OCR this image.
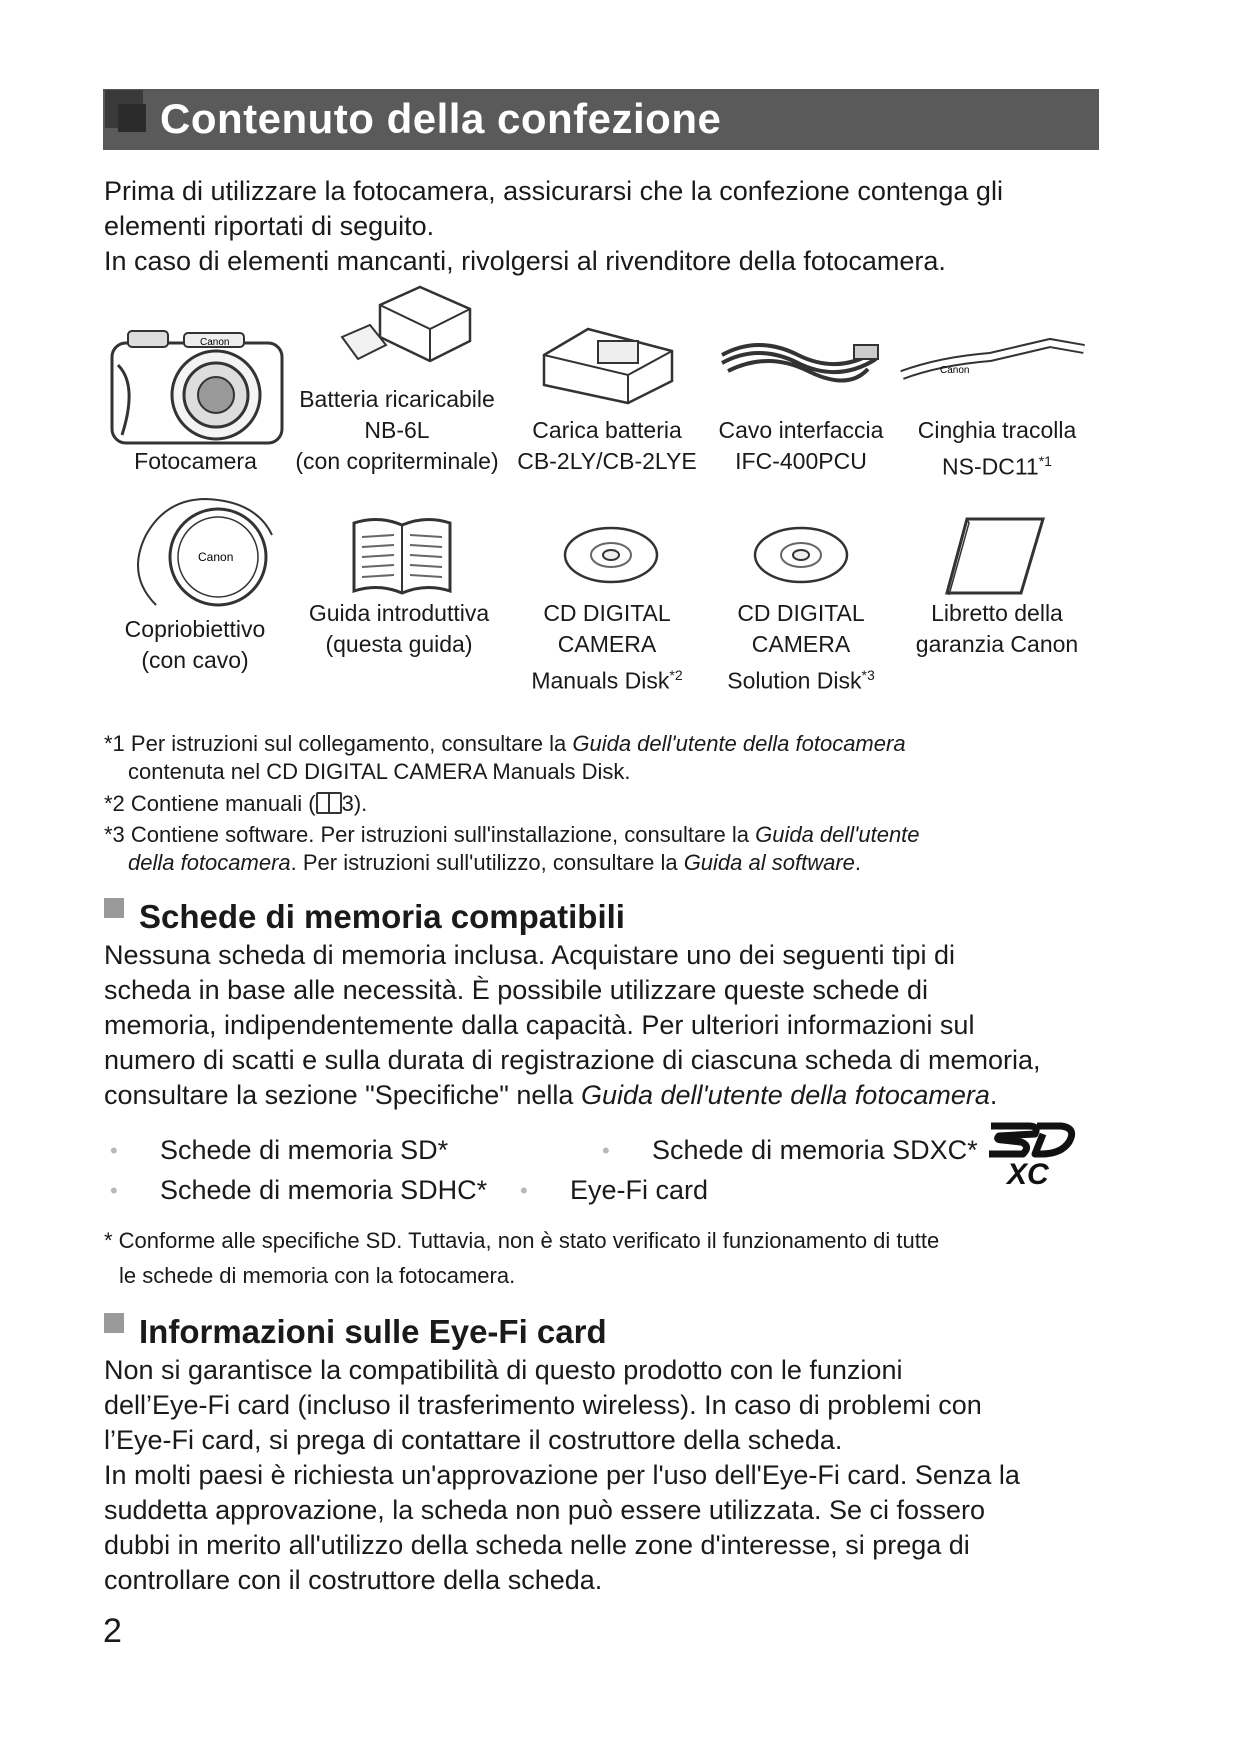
Contenuto della confezione
Prima di utilizzare la fotocamera, assicurarsi che la confezione contenga gli
elementi riportati di seguito.
In caso di elementi mancanti, rivolgersi al rivenditore della fotocamera.
Canon
Canon
Fotocamera
Batteria ricaricabile
NB-6L
(con copriterminale)
Carica batteria
CB-2LY/CB-2LYE
Cavo interfaccia
IFC-400PCU
Cinghia tracolla
NS-DC11$^{*1}$
Canon
Copriobiettivo
(con cavo)
Guida introduttiva
(questa guida)
CD DIGITAL
CAMERA
Manuals Disk$^{*2}$
CD DIGITAL
CAMERA
Solution Disk$^{*3}$
Libretto della
garanzia Canon
*1 Per istruzioni sul collegamento, consultare la Guida dell'utente della fotocamera
contenuta nel CD DIGITAL CAMERA Manuals Disk.
*2 Contiene manuali ( 3).
*3 Contiene software. Per istruzioni sull'installazione, consultare la Guida dell'utente
della fotocamera. Per istruzioni sull'utilizzo, consultare la Guida al software.
Schede di memoria compatibili
Nessuna scheda di memoria inclusa. Acquistare uno dei seguenti tipi di
scheda in base alle necessità. È possibile utilizzare queste schede di
memoria, indipendentemente dalla capacità. Per ulteriori informazioni sul
numero di scatti e sulla durata di registrazione di ciascuna scheda di memoria,
consultare la sezione "Specifiche" nella Guida dell'utente della fotocamera.
• Schede di memoria SD*	• Schede di memoria SDXC*
• Schede di memoria SDHC* • Eye-Fi card	XC
* Conforme alle specifiche SD. Tuttavia, non è stato verificato il funzionamento di tutte
le schede di memoria con la fotocamera.
Informazioni sulle Eye-Fi card
Non si garantisce la compatibilità di questo prodotto con le funzioni
dell’Eye-Fi card (incluso il trasferimento wireless). In caso di problemi con
l’Eye-Fi card, si prega di contattare il costruttore della scheda.
In molti paesi è richiesta un'approvazione per l'uso dell'Eye-Fi card. Senza la
suddetta approvazione, la scheda non può essere utilizzata. Se ci fossero
dubbi in merito all'utilizzo della scheda nelle zone d'interesse, si prega di
controllare con il costruttore della scheda.
2
